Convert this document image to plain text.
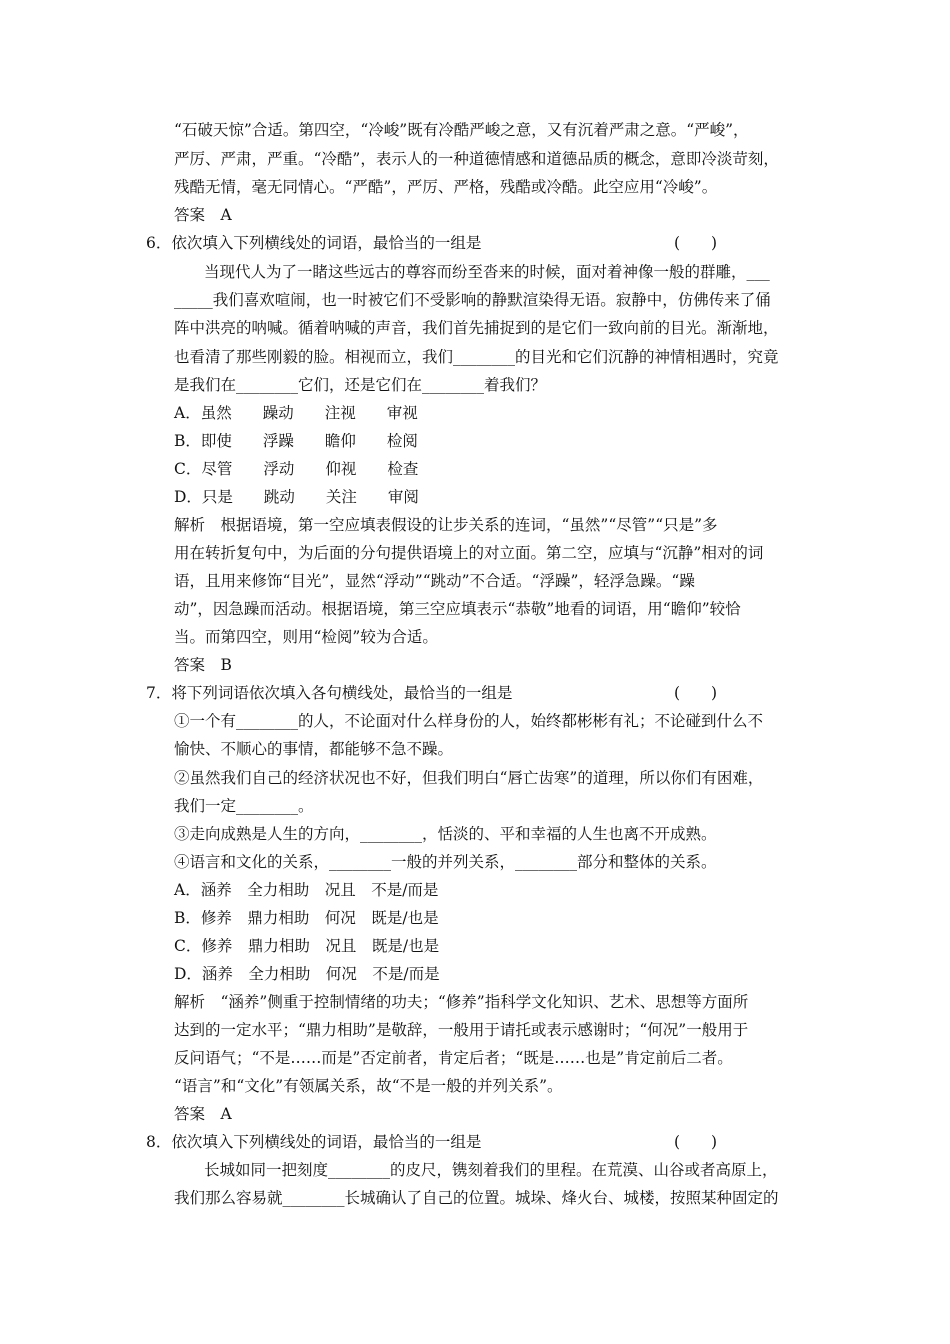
“石破天惊”合适。第四空，“冷峻”既有冷酷严峻之意，又有沉着严肃之意。“严峻”，
严厉、严肃，严重。“冷酷”，表示人的一种道德情感和道德品质的概念，意即冷淡苛刻，
残酷无情，毫无同情心。“严酷”，严厉、严格，残酷或冷酷。此空应用“冷峻”。
答案　A
6．依次填入下列横线处的词语，最恰当的一组是	(　　)
当现代人为了一睹这些远古的尊容而纷至沓来的时候，面对着神像一般的群雕，___
_____我们喜欢喧闹，也一时被它们不受影响的静默渲染得无语。寂静中，仿佛传来了俑
阵中洪亮的呐喊。循着呐喊的声音，我们首先捕捉到的是它们一致向前的目光。渐渐地，
也看清了那些刚毅的脸。相视而立，我们________的目光和它们沉静的神情相遇时，究竟
是我们在________它们，还是它们在________着我们？
A．虽然　　躁动　　注视　　审视
B．即使　　浮躁　　瞻仰　　检阅
C．尽管　　浮动　　仰视　　检查
D．只是　　跳动　　关注　　审阅
解析　根据语境，第一空应填表假设的让步关系的连词，“虽然”“尽管”“只是”多
用在转折复句中，为后面的分句提供语境上的对立面。第二空，应填与“沉静”相对的词
语，且用来修饰“目光”，显然“浮动”“跳动”不合适。“浮躁”，轻浮急躁。“躁
动”，因急躁而活动。根据语境，第三空应填表示“恭敬”地看的词语，用“瞻仰”较恰
当。而第四空，则用“检阅”较为合适。
答案　B
7．将下列词语依次填入各句横线处，最恰当的一组是	(　　)
①一个有________的人，不论面对什么样身份的人，始终都彬彬有礼；不论碰到什么不
愉快、不顺心的事情，都能够不急不躁。
②虽然我们自己的经济状况也不好，但我们明白“唇亡齿寒”的道理，所以你们有困难，
我们一定________。
③走向成熟是人生的方向，________，恬淡的、平和幸福的人生也离不开成熟。
④语言和文化的关系，________一般的并列关系，________部分和整体的关系。
A．涵养　全力相助　况且　不是/而是
B．修养　鼎力相助　何况　既是/也是
C．修养　鼎力相助　况且　既是/也是
D．涵养　全力相助　何况　不是/而是
解析　“涵养”侧重于控制情绪的功夫；“修养”指科学文化知识、艺术、思想等方面所
达到的一定水平；“鼎力相助”是敬辞，一般用于请托或表示感谢时；“何况”一般用于
反问语气；“不是……而是”否定前者，肯定后者；“既是……也是”肯定前后二者。
“语言”和“文化”有领属关系，故“不是一般的并列关系”。
答案　A
8．依次填入下列横线处的词语，最恰当的一组是	(　　)
长城如同一把刻度________的皮尺，镌刻着我们的里程。在荒漠、山谷或者高原上，
我们那么容易就________长城确认了自己的位置。城垛、烽火台、城楼，按照某种固定的
